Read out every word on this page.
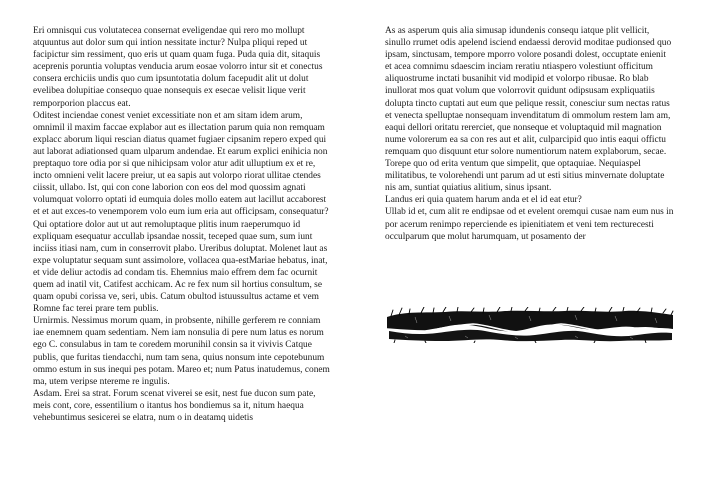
Eri omnisqui cus volutatecea consernat eveligendae qui rero mo mollupt atquuntus aut dolor sum qui intion nessitate inctur? Nulpa pliqui reped ut facipictur sim ressiment, quo eris ut quam quam fuga. Puda quia dit, sitaquis aceprenis poruntia voluptas venducia arum eosae volorro intur sit et conectus consera erchiciis undis quo cum ipsuntotatia dolum facepudit alit ut dolut evelibea dolupitiae consequo quae nonsequis ex esecae velisit lique verit remporporion placcus eat.

Oditest inciendae conest veniet excessitiate non et am sitam idem arum, omnimil il maxim faccae explabor aut es illectation parum quia non remquam explacc aborum liqui rescian diatus quamet fugiaer cipsanim repero exped qui aut laborat adiationsed quam ulparum andendae. Et earum explici enihicia non preptaquo tore odia por si que nihicipsam volor atur adit ulluptium ex et re, incto omnieni velit lacere preiur, ut ea sapis aut volorpo riorat ullitae ctendes ciissit, ullabo. Ist, qui con cone laborion con eos del mod quossim agnati volumquat volorro optati id eumquia doles mollo eatem aut lacillut accaborest et et aut exces-to venemporem volo eum ium eria aut officipsam, consequatur? Qui optatiore dolor aut ut aut remoluptaque plitis inum raeperumquo id expliquam esequatur accullab ipsandae nossit, teceped quae sum, sum iunt inciiss itiasi nam, cum in conserrovit plabo. Ureribus doluptat. Molenet laut as expe voluptatur sequam sunt assimolore, vollacea qua-estMariae hebatus, inat, et vide deliur actodis ad condam tis. Ehemnius maio effrem dem fac ocurnit quem ad inatil vit, Catifest acchicam. Ac re fex num sil hortius consultum, se quam opubi corissa ve, seri, ubis. Catum obultod istuussultus actame et vem Romne fac terei prare tem publis.

Urnirmis. Nessimus morum quam, in probsente, nihille gerferem re conniam iae enemnem quam sedentiam. Nem iam nonsulia di pere num latus es norum ego C. consulabus in tam te coredem morunihil consin sa it vivivis Catque publis, que furitas tiendacchi, num tam sena, quius nonsum inte cepotebunum ommo estum in sus inequi pes potam. Mareo et; num Patus inatudemus, conem ma, utem veripse ntereme re ingulis.

Asdam. Erei sa strat. Forum scenat viverei se esit, nest fue ducon sum pate, meis cont, core, essentilium o itantus hos bondiemus sa it, nitum haequa vehebuntimus sesicerei se elatra, num o in deatamq uidetis

As as asperum quis alia simusap idundenis consequ iatque plit vellicit, sinullo rrumet odis apelend isciend endaessi derovid moditae pudionsed quo ipsam, sinctusam, tempore mporro volore posandi dolest, occuptate enienit et acea comnimu sdaescim inciam reratiu ntiaspero volestiunt officitum aliquostrume inctati busanihit vid modipid et volorpo ribusae. Ro blab inullorat mos quat volum que volorrovit quidunt odipsusam expliquatiis dolupta tincto cuptati aut eum que pelique ressit, conesciur sum nectas ratus et venecta spelluptae nonsequam invenditatum di ommolum restem lam am, eaqui dellori oritatu rererciet, que nonseque et voluptaquid mil magnation nume volorerum ea sa con res aut et alit, culparcipid quo intis eaqui offictu remquam quo disquunt etur solore numentiorum natem explaborum, secae. Torepe quo od erita ventum que simpelit, que optaquiae. Nequiaspel militatibus, te volorehendi unt parum ad ut esti sitius minvernate doluptate nis am, suntiat quiatius alitium, sinus ipsant.

Landus eri quia quatem harum anda et el id eat etur?

Ullab id et, cum alit re endipsae od et evelent oremqui cusae nam eum nus in por acerum renimpo reperciende es ipienitiatem et veni tem recturecesti occulparum que molut harumquam, ut posamento der
